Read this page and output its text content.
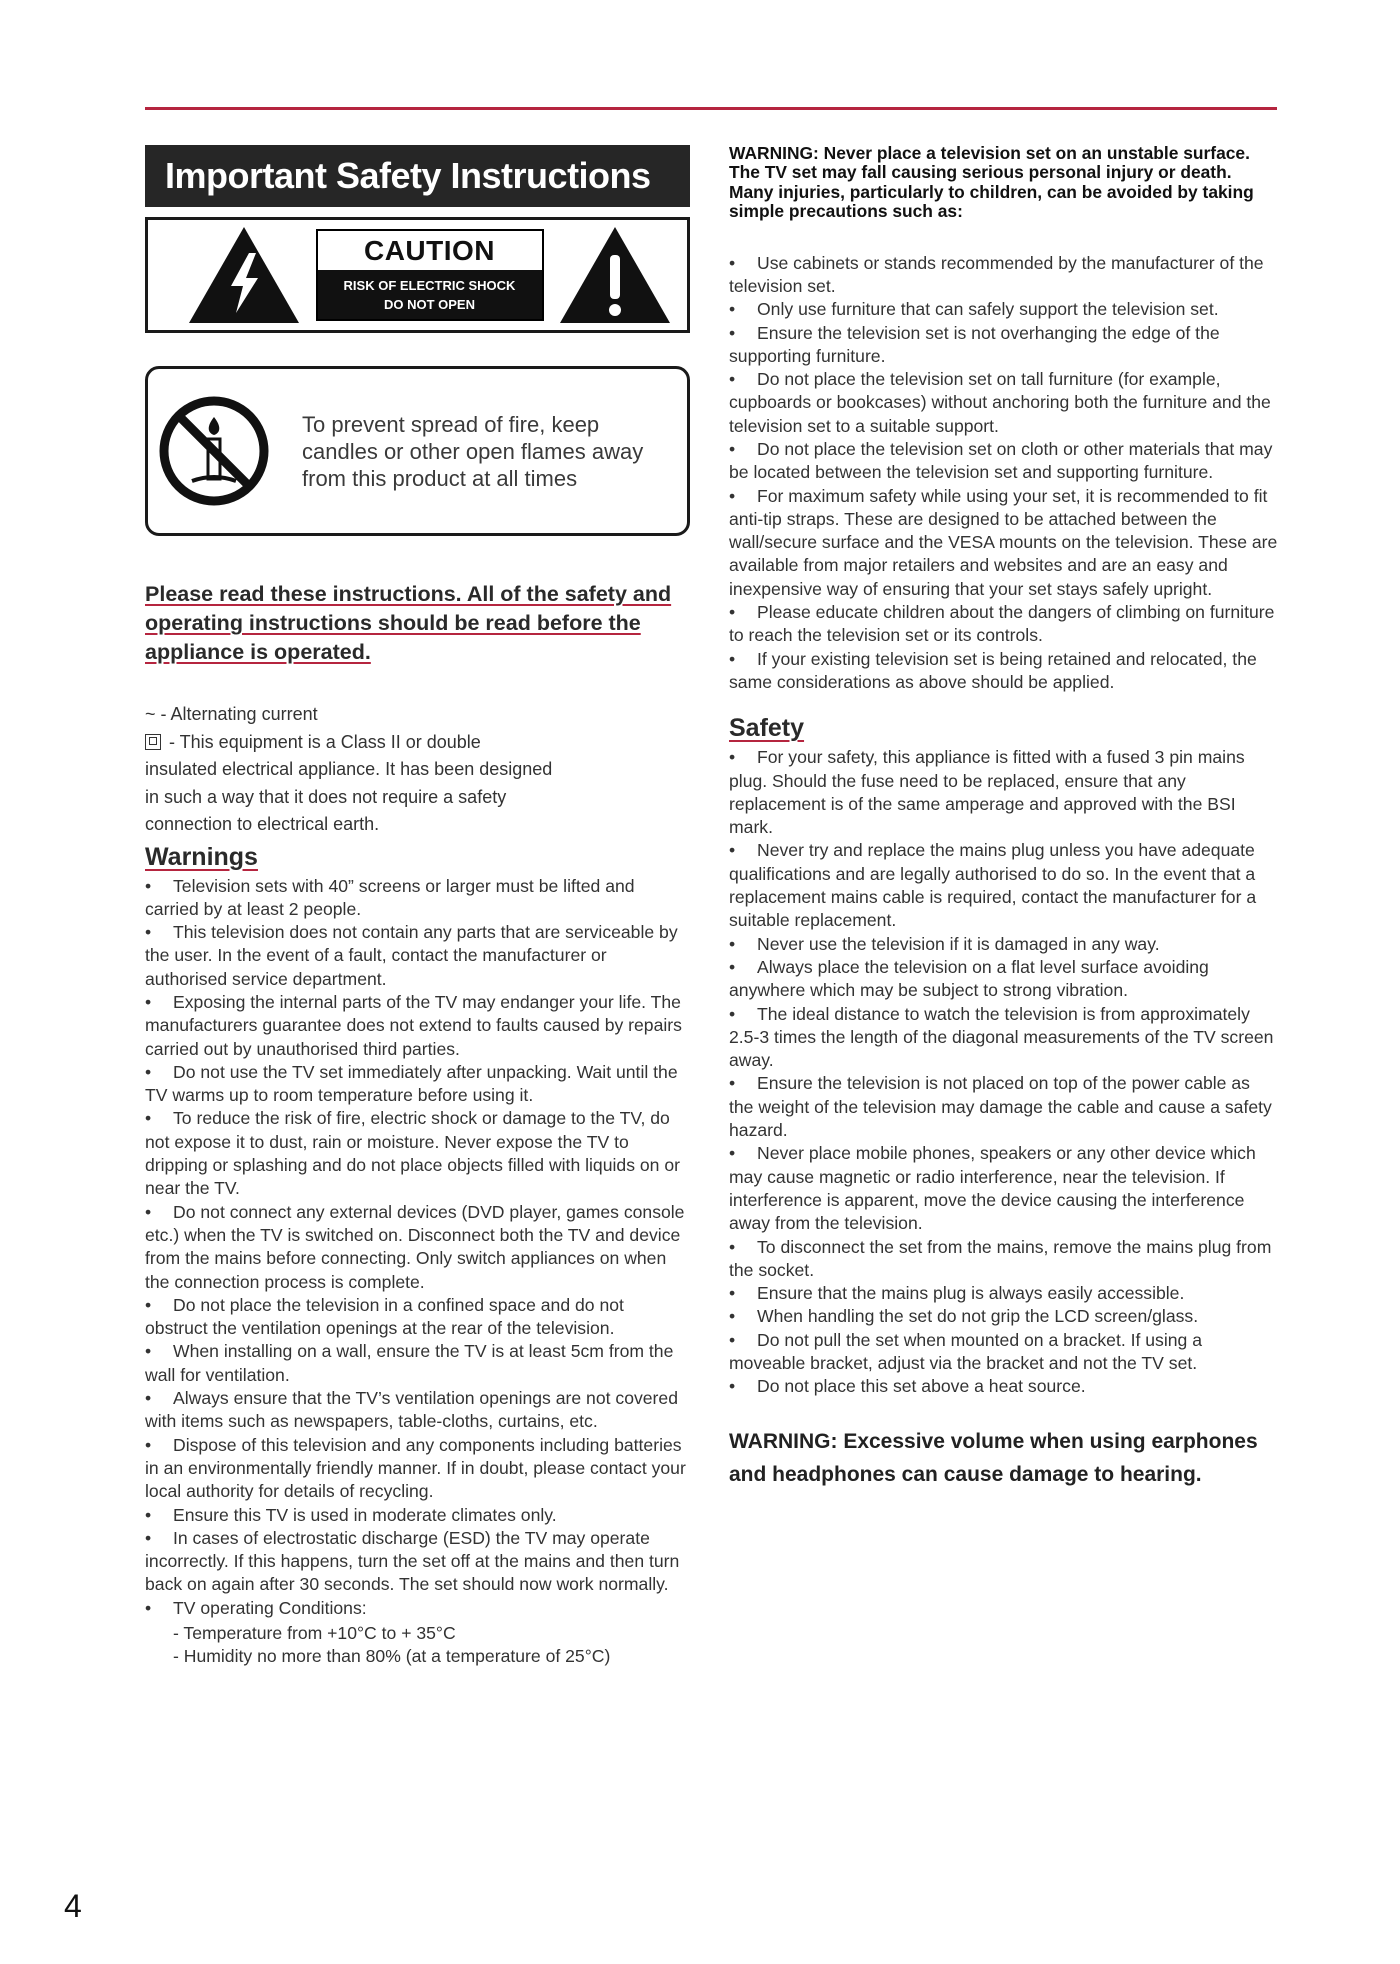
Important Safety Instructions
CAUTION
RISK OF ELECTRIC SHOCK
DO NOT OPEN
To prevent spread of fire, keep candles or other open flames away from this product at all times
Please read these instructions. All of the safety and operating instructions should be read before the appliance is operated.
~ - Alternating current
- This equipment is a Class II or double
insulated electrical appliance. It has been designed
in such a way that it does not require a safety
connection to electrical earth.
Warnings
• Television sets with 40” screens or larger must be lifted and carried by at least 2 people.
• This television does not contain any parts that are serviceable by the user. In the event of a fault, contact the manufacturer or authorised service department.
• Exposing the internal parts of the TV may endanger your life. The manufacturers guarantee does not extend to faults caused by repairs carried out by unauthorised third parties.
• Do not use the TV set immediately after unpacking. Wait until the TV warms up to room temperature before using it.
• To reduce the risk of fire, electric shock or damage to the TV, do not expose it to dust, rain or moisture. Never expose the TV to dripping or splashing and do not place objects filled with liquids on or near the TV.
• Do not connect any external devices (DVD player, games console etc.) when the TV is switched on. Disconnect both the TV and device from the mains before connecting. Only switch appliances on when the connection process is complete.
• Do not place the television in a confined space and do not obstruct the ventilation openings at the rear of the television.
• When installing on a wall, ensure the TV is at least 5cm from the wall for ventilation.
• Always ensure that the TV’s ventilation openings are not covered with items such as newspapers, table-cloths, curtains, etc.
• Dispose of this television and any components including batteries in an environmentally friendly manner. If in doubt, please contact your local authority for details of recycling.
• Ensure this TV is used in moderate climates only.
• In cases of electrostatic discharge (ESD) the TV may operate incorrectly. If this happens, turn the set off at the mains and then turn back on again after 30 seconds. The set should now work normally.
• TV operating Conditions:
- Temperature from +10°C to + 35°C
- Humidity no more than 80% (at a temperature of 25°C)
WARNING: Never place a television set on an unstable surface. The TV set may fall causing serious personal injury or death. Many injuries, particularly to children, can be avoided by taking simple precautions such as:
• Use cabinets or stands recommended by the manufacturer of the television set.
• Only use furniture that can safely support the television set.
• Ensure the television set is not overhanging the edge of the supporting furniture.
• Do not place the television set on tall furniture (for example, cupboards or bookcases) without anchoring both the furniture and the television set to a suitable support.
• Do not place the television set on cloth or other materials that may be located between the television set and supporting furniture.
• For maximum safety while using your set, it is recommended to fit anti-tip straps. These are designed to be attached between the wall/secure surface and the VESA mounts on the television. These are available from major retailers and websites and are an easy and inexpensive way of ensuring that your set stays safely upright.
• Please educate children about the dangers of climbing on furniture to reach the television set or its controls.
• If your existing television set is being retained and relocated, the same considerations as above should be applied.
Safety
• For your safety, this appliance is fitted with a fused 3 pin mains plug. Should the fuse need to be replaced, ensure that any replacement is of the same amperage and approved with the BSI mark.
• Never try and replace the mains plug unless you have adequate qualifications and are legally authorised to do so. In the event that a replacement mains cable is required, contact the manufacturer for a suitable replacement.
• Never use the television if it is damaged in any way.
• Always place the television on a flat level surface avoiding anywhere which may be subject to strong vibration.
• The ideal distance to watch the television is from approximately 2.5-3 times the length of the diagonal measurements of the TV screen away.
• Ensure the television is not placed on top of the power cable as the weight of the television may damage the cable and cause a safety hazard.
• Never place mobile phones, speakers or any other device which may cause magnetic or radio interference, near the television. If interference is apparent, move the device causing the interference away from the television.
• To disconnect the set from the mains, remove the mains plug from the socket.
• Ensure that the mains plug is always easily accessible.
• When handling the set do not grip the LCD screen/glass.
• Do not pull the set when mounted on a bracket. If using a moveable bracket, adjust via the bracket and not the TV set.
• Do not place this set above a heat source.
WARNING: Excessive volume when using earphones and headphones can cause damage to hearing.
4
